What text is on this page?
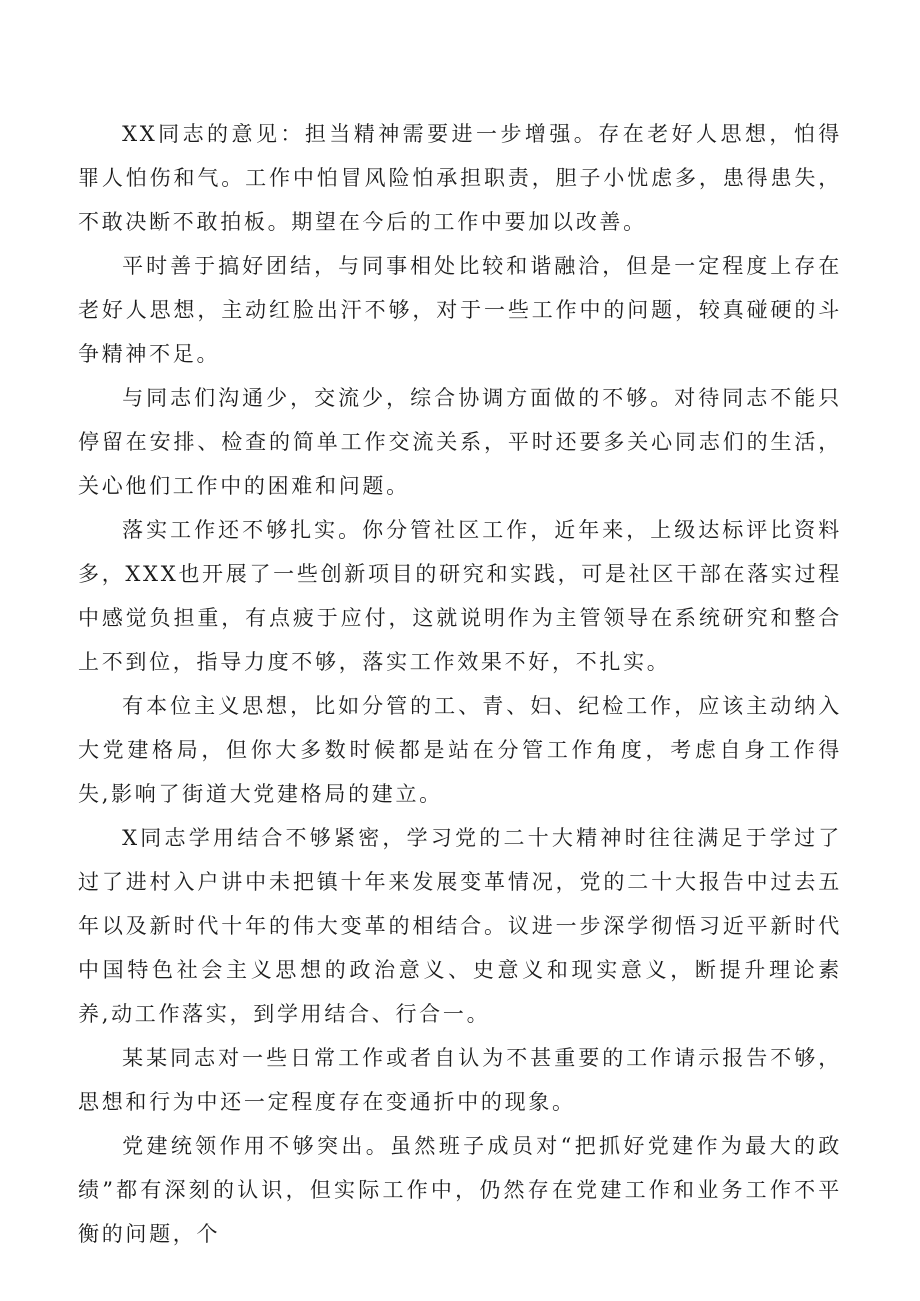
XX同志的意见：担当精神需要进一步增强。存在老好人思想，怕得罪人怕伤和气。工作中怕冒风险怕承担职责，胆子小忧虑多，患得患失，不敢决断不敢拍板。期望在今后的工作中要加以改善。

平时善于搞好团结，与同事相处比较和谐融洽，但是一定程度上存在老好人思想，主动红脸出汗不够，对于一些工作中的问题，较真碰硬的斗争精神不足。

与同志们沟通少，交流少，综合协调方面做的不够。对待同志不能只停留在安排、检查的简单工作交流关系，平时还要多关心同志们的生活，关心他们工作中的困难和问题。

落实工作还不够扎实。你分管社区工作，近年来，上级达标评比资料多，XXX也开展了一些创新项目的研究和实践，可是社区干部在落实过程中感觉负担重，有点疲于应付，这就说明作为主管领导在系统研究和整合上不到位，指导力度不够，落实工作效果不好，不扎实。

有本位主义思想，比如分管的工、青、妇、纪检工作，应该主动纳入大党建格局，但你大多数时候都是站在分管工作角度，考虑自身工作得失,影响了街道大党建格局的建立。

X同志学用结合不够紧密，学习党的二十大精神时往往满足于学过了过了进村入户讲中未把镇十年来发展变革情况，党的二十大报告中过去五年以及新时代十年的伟大变革的相结合。议进一步深学彻悟习近平新时代中国特色社会主义思想的政治意义、史意义和现实意义，断提升理论素养,动工作落实，到学用结合、行合一。

某某同志对一些日常工作或者自认为不甚重要的工作请示报告不够，思想和行为中还一定程度存在变通折中的现象。

党建统领作用不够突出。虽然班子成员对“把抓好党建作为最大的政绩”都有深刻的认识，但实际工作中，仍然存在党建工作和业务工作不平衡的问题，个
